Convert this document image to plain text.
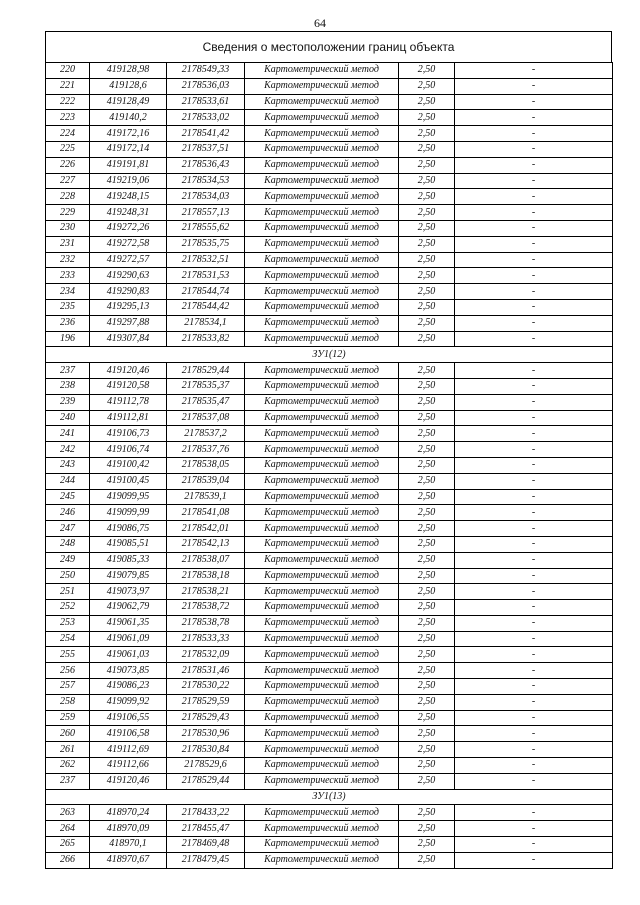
64
Сведения о местоположении границ объекта
220	419128,98	2178549,33	Картометрический метод	2,50	-
221	419128,6	2178536,03	Картометрический метод	2,50	-
222	419128,49	2178533,61	Картометрический метод	2,50	-
223	419140,2	2178533,02	Картометрический метод	2,50	-
224	419172,16	2178541,42	Картометрический метод	2,50	-
225	419172,14	2178537,51	Картометрический метод	2,50	-
226	419191,81	2178536,43	Картометрический метод	2,50	-
227	419219,06	2178534,53	Картометрический метод	2,50	-
228	419248,15	2178534,03	Картометрический метод	2,50	-
229	419248,31	2178557,13	Картометрический метод	2,50	-
230	419272,26	2178555,62	Картометрический метод	2,50	-
231	419272,58	2178535,75	Картометрический метод	2,50	-
232	419272,57	2178532,51	Картометрический метод	2,50	-
233	419290,63	2178531,53	Картометрический метод	2,50	-
234	419290,83	2178544,74	Картометрический метод	2,50	-
235	419295,13	2178544,42	Картометрический метод	2,50	-
236	419297,88	2178534,1	Картометрический метод	2,50	-
196	419307,84	2178533,82	Картометрический метод	2,50	-
ЗУ1(12)					
237	419120,46	2178529,44	Картометрический метод	2,50	-
238	419120,58	2178535,37	Картометрический метод	2,50	-
239	419112,78	2178535,47	Картометрический метод	2,50	-
240	419112,81	2178537,08	Картометрический метод	2,50	-
241	419106,73	2178537,2	Картометрический метод	2,50	-
242	419106,74	2178537,76	Картометрический метод	2,50	-
243	419100,42	2178538,05	Картометрический метод	2,50	-
244	419100,45	2178539,04	Картометрический метод	2,50	-
245	419099,95	2178539,1	Картометрический метод	2,50	-
246	419099,99	2178541,08	Картометрический метод	2,50	-
247	419086,75	2178542,01	Картометрический метод	2,50	-
248	419085,51	2178542,13	Картометрический метод	2,50	-
249	419085,33	2178538,07	Картометрический метод	2,50	-
250	419079,85	2178538,18	Картометрический метод	2,50	-
251	419073,97	2178538,21	Картометрический метод	2,50	-
252	419062,79	2178538,72	Картометрический метод	2,50	-
253	419061,35	2178538,78	Картометрический метод	2,50	-
254	419061,09	2178533,33	Картометрический метод	2,50	-
255	419061,03	2178532,09	Картометрический метод	2,50	-
256	419073,85	2178531,46	Картометрический метод	2,50	-
257	419086,23	2178530,22	Картометрический метод	2,50	-
258	419099,92	2178529,59	Картометрический метод	2,50	-
259	419106,55	2178529,43	Картометрический метод	2,50	-
260	419106,58	2178530,96	Картометрический метод	2,50	-
261	419112,69	2178530,84	Картометрический метод	2,50	-
262	419112,66	2178529,6	Картометрический метод	2,50	-
237	419120,46	2178529,44	Картометрический метод	2,50	-
ЗУ1(13)					
263	418970,24	2178433,22	Картометрический метод	2,50	-
264	418970,09	2178455,47	Картометрический метод	2,50	-
265	418970,1	2178469,48	Картометрический метод	2,50	-
266	418970,67	2178479,45	Картометрический метод	2,50	-
